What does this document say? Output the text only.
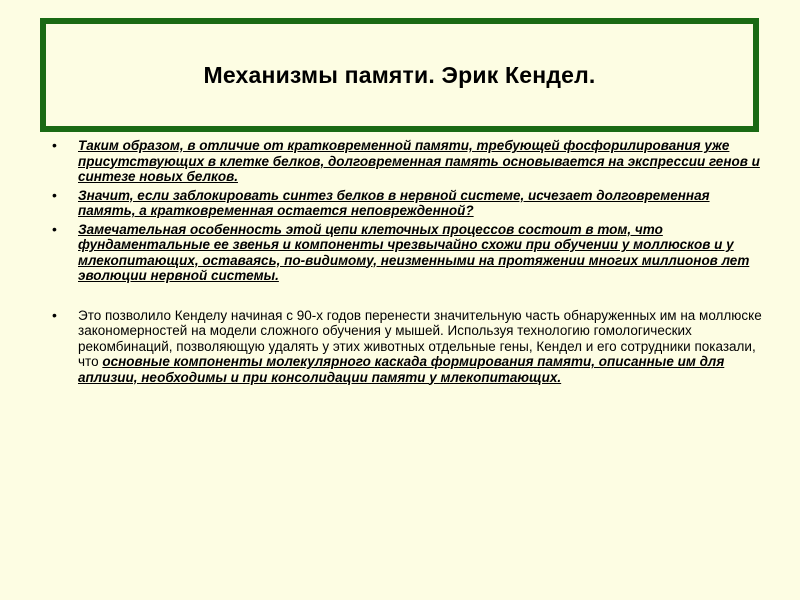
Механизмы памяти. Эрик Кендел.
• Таким образом, в отличие от кратковременной памяти, требующей фосфорилирования уже присутствующих в клетке белков, долговременная память основывается на экспрессии генов и синтезе новых белков.
• Значит, если заблокировать синтез белков в нервной системе, исчезает долговременная память, а кратковременная остается неповрежденной?
• Замечательная особенность этой цепи клеточных процессов состоит в том, что фундаментальные ее звенья и компоненты чрезвычайно схожи при обучении у моллюсков и у млекопитающих, оставаясь, по-видимому, неизменными на протяжении многих миллионов лет эволюции нервной системы.
• Это позволило Кенделу начиная с 90-х годов перенести значительную часть обнаруженных им на моллюске закономерностей на модели сложного обучения у мышей. Используя технологию гомологических рекомбинаций, позволяющую удалять у этих животных отдельные гены, Кендел и его сотрудники показали, что основные компоненты молекулярного каскада формирования памяти, описанные им для аплизии, необходимы и при консолидации памяти у млекопитающих.
